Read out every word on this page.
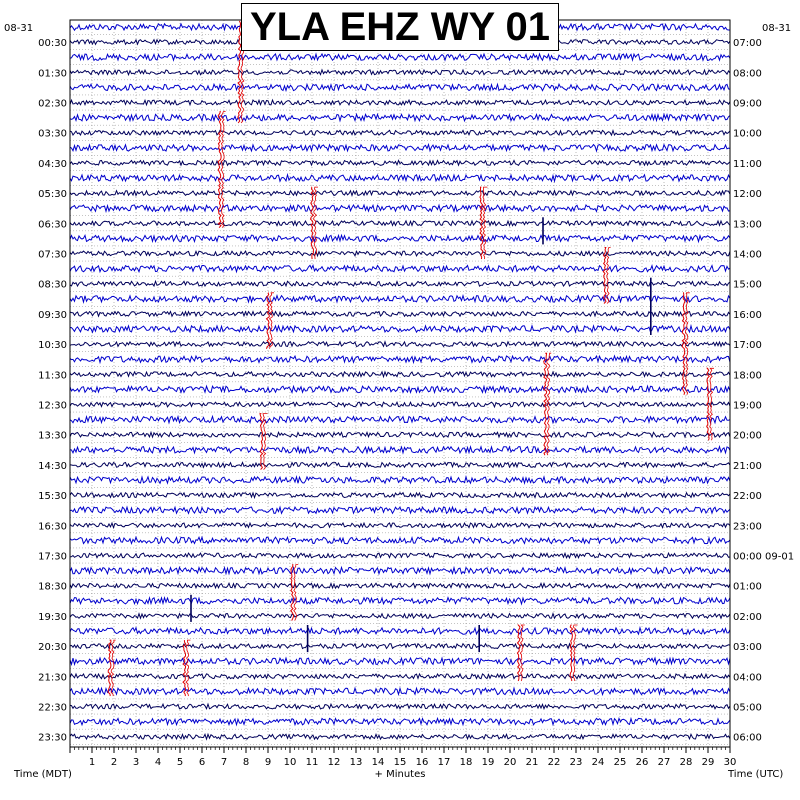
1 2 3 4 5 6 7 8 9 10 11 12 13 14 15 16 17 18 19 20 21 22 23 24 25 26 27 28 29 30
00:30
01:30
02:30
03:30
04:30
05:30
06:30
07:30
08:30
09:30
10:30
11:30
12:30
13:30
14:30
15:30
16:30
17:30
18:30
19:30
20:30
21:30
22:30
23:30
07:00
08:00
09:00
10:00
11:00
12:00
13:00
14:00
15:00
16:00
17:00
18:00
19:00
20:00
21:00
22:00
23:00
00:00 09-01
01:00
02:00
03:00
04:00
05:00
06:00
08-31	08-31
Time (MDT)	+ Minutes	Time (UTC)
YLA EHZ WY 01
